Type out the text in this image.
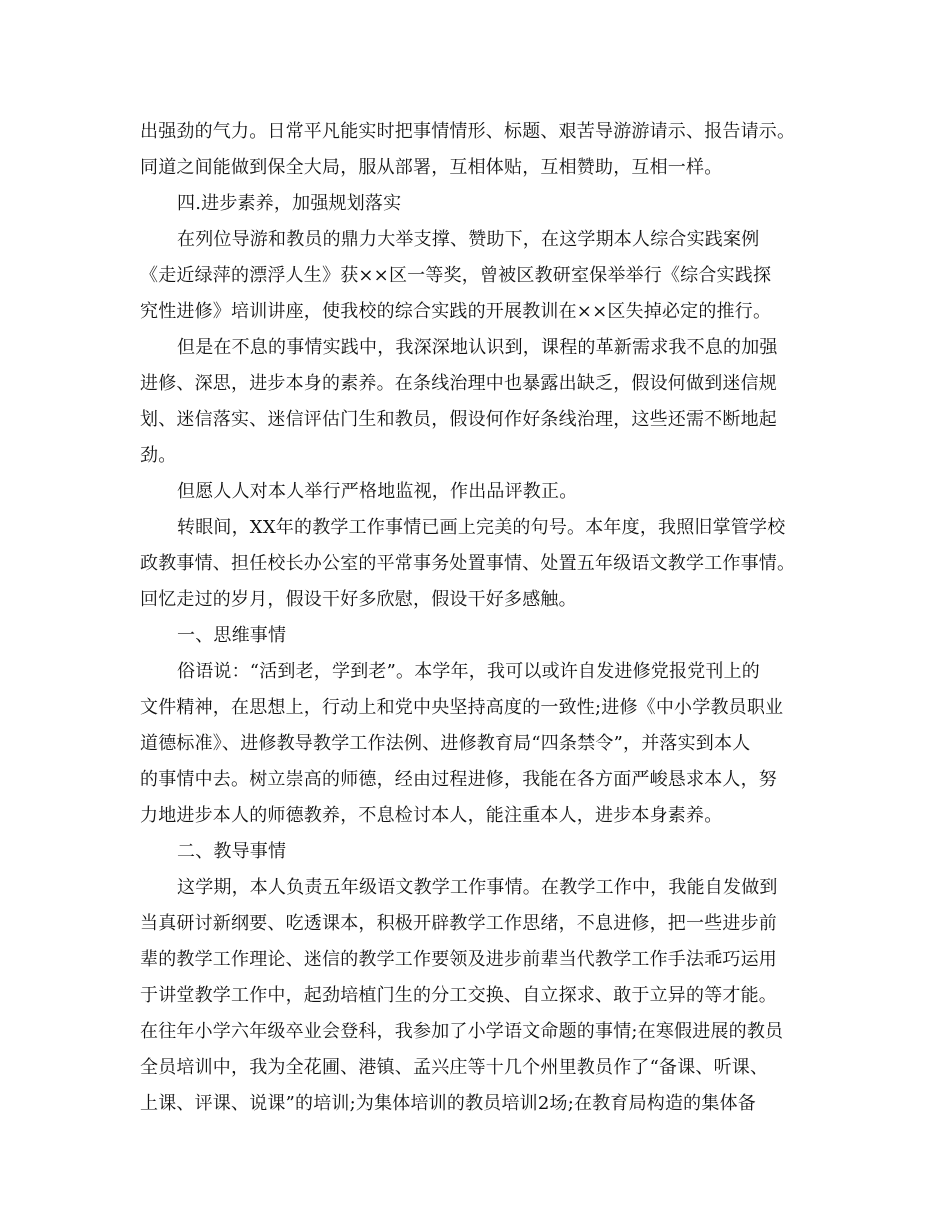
出强劲的气力。日常平凡能实时把事情情形、标题、艰苦导游游请示、报告请示。
同道之间能做到保全大局，服从部署，互相体贴，互相赞助，互相一样。
四.进步素养，加强规划落实
在列位导游和教员的鼎力大举支撑、赞助下，在这学期本人综合实践案例
《走近绿萍的漂浮人生》获××区一等奖，曾被区教研室保举举行《综合实践探
究性进修》培训讲座，使我校的综合实践的开展教训在××区失掉必定的推行。
但是在不息的事情实践中，我深深地认识到，课程的革新需求我不息的加强
进修、深思，进步本身的素养。在条线治理中也暴露出缺乏，假设何做到迷信规
划、迷信落实、迷信评估门生和教员，假设何作好条线治理，这些还需不断地起
劲。
但愿人人对本人举行严格地监视，作出品评教正。
转眼间，XX年的教学工作事情已画上完美的句号。本年度，我照旧掌管学校
政教事情、担任校长办公室的平常事务处置事情、处置五年级语文教学工作事情。
回忆走过的岁月，假设干好多欣慰，假设干好多感触。
一、思维事情
俗语说：“活到老，学到老”。本学年，我可以或许自发进修党报党刊上的
文件精神，在思想上，行动上和党中央坚持高度的一致性;进修《中小学教员职业
道德标准》、进修教导教学工作法例、进修教育局“四条禁令”，并落实到本人
的事情中去。树立崇高的师德，经由过程进修，我能在各方面严峻恳求本人，努
力地进步本人的师德教养，不息检讨本人，能注重本人，进步本身素养。
二、教导事情
这学期，本人负责五年级语文教学工作事情。在教学工作中，我能自发做到
当真研讨新纲要、吃透课本，积极开辟教学工作思绪，不息进修，把一些进步前
辈的教学工作理论、迷信的教学工作要领及进步前辈当代教学工作手法乖巧运用
于讲堂教学工作中，起劲培植门生的分工交换、自立探求、敢于立异的等才能。
在往年小学六年级卒业会登科，我参加了小学语文命题的事情;在寒假进展的教员
全员培训中，我为全花圃、港镇、孟兴庄等十几个州里教员作了“备课、听课、
上课、评课、说课”的培训;为集体培训的教员培训2场;在教育局构造的集体备
